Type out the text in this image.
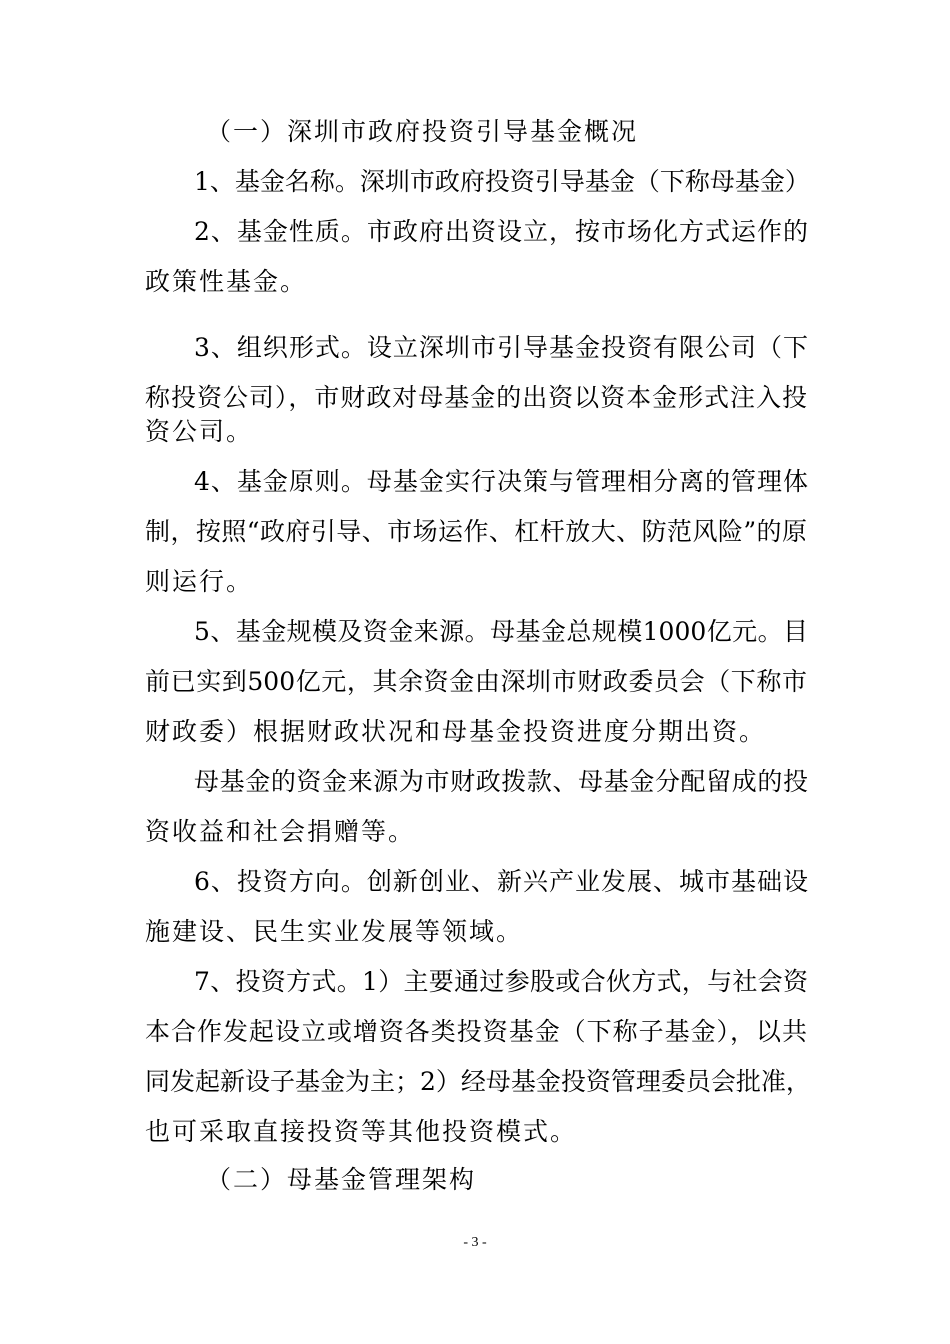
（一）深圳市政府投资引导基金概况
1、基金名称。深圳市政府投资引导基金（下称母基金）
2、基金性质。市政府出资设立，按市场化方式运作的
政策性基金。
3、组织形式。设立深圳市引导基金投资有限公司（下
称投资公司），市财政对母基金的出资以资本金形式注入投
资公司。
4、基金原则。母基金实行决策与管理相分离的管理体
制，按照“政府引导、市场运作、杠杆放大、防范风险”的原
则运行。
5、基金规模及资金来源。母基金总规模1000亿元。目
前已实到500亿元，其余资金由深圳市财政委员会（下称市
财政委）根据财政状况和母基金投资进度分期出资。
母基金的资金来源为市财政拨款、母基金分配留成的投
资收益和社会捐赠等。
6、投资方向。创新创业、新兴产业发展、城市基础设
施建设、民生实业发展等领域。
7、投资方式。1）主要通过参股或合伙方式，与社会资
本合作发起设立或增资各类投资基金（下称子基金），以共
同发起新设子基金为主；2）经母基金投资管理委员会批准，
也可采取直接投资等其他投资模式。
（二）母基金管理架构
- 3 -
